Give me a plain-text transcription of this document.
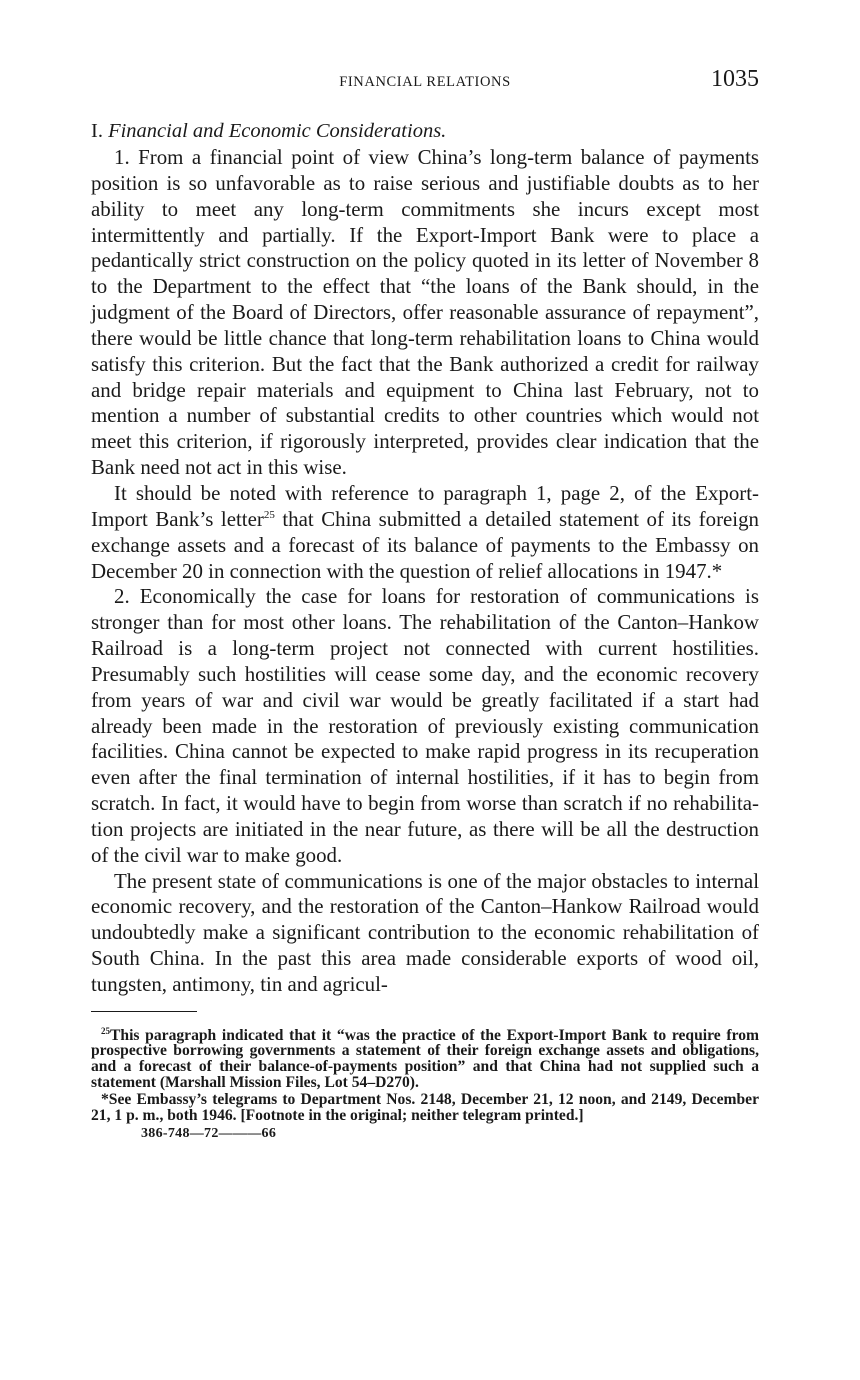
FINANCIAL RELATIONS	1035
I. Financial and Economic Considerations.

1. From a financial point of view China’s long-term balance of payments position is so unfavorable as to raise serious and justifiable doubts as to her ability to meet any long-term commitments she incurs except most intermittently and partially. If the Export-Import Bank were to place a pedantically strict construction on the policy quoted in its letter of November 8 to the Department to the effect that “the loans of the Bank should, in the judgment of the Board of Directors, offer reasonable assurance of repayment”, there would be little chance that long-term rehabilitation loans to China would satisfy this criterion. But the fact that the Bank authorized a credit for railway and bridge repair materials and equipment to China last February, not to mention a number of substantial credits to other countries which would not meet this criterion, if rigorously interpreted, provides clear indication that the Bank need not act in this wise.

It should be noted with reference to paragraph 1, page 2, of the Export-Import Bank’s letter$^{25}$ that China submitted a detailed statement of its foreign exchange assets and a forecast of its balance of payments to the Embassy on December 20 in connection with the question of relief allocations in 1947.*

2. Economically the case for loans for restoration of communications is stronger than for most other loans. The rehabilitation of the Canton–Hankow Railroad is a long-term project not connected with current hostilities. Presumably such hostilities will cease some day, and the economic recovery from years of war and civil war would be greatly facilitated if a start had already been made in the restoration of previously existing communication facilities. China cannot be expected to make rapid progress in its recuperation even after the final termination of internal hostilities, if it has to begin from scratch. In fact, it would have to begin from worse than scratch if no rehabilitation projects are initiated in the near future, as there will be all the destruction of the civil war to make good.

The present state of communications is one of the major obstacles to internal economic recovery, and the restoration of the Canton–Hankow Railroad would undoubtedly make a significant contribution to the economic rehabilitation of South China. In the past this area made considerable exports of wood oil, tungsten, antimony, tin and agricul-

$^{25}$This paragraph indicated that it “was the practice of the Export-Import Bank to require from prospective borrowing governments a statement of their foreign exchange assets and obligations, and a forecast of their balance-of-payments position” and that China had not supplied such a statement (Marshall Mission Files, Lot 54–D270).

*See Embassy’s telegrams to Department Nos. 2148, December 21, 12 noon, and 2149, December 21, 1 p. m., both 1946. [Footnote in the original; neither telegram printed.]

386-748—72———66
